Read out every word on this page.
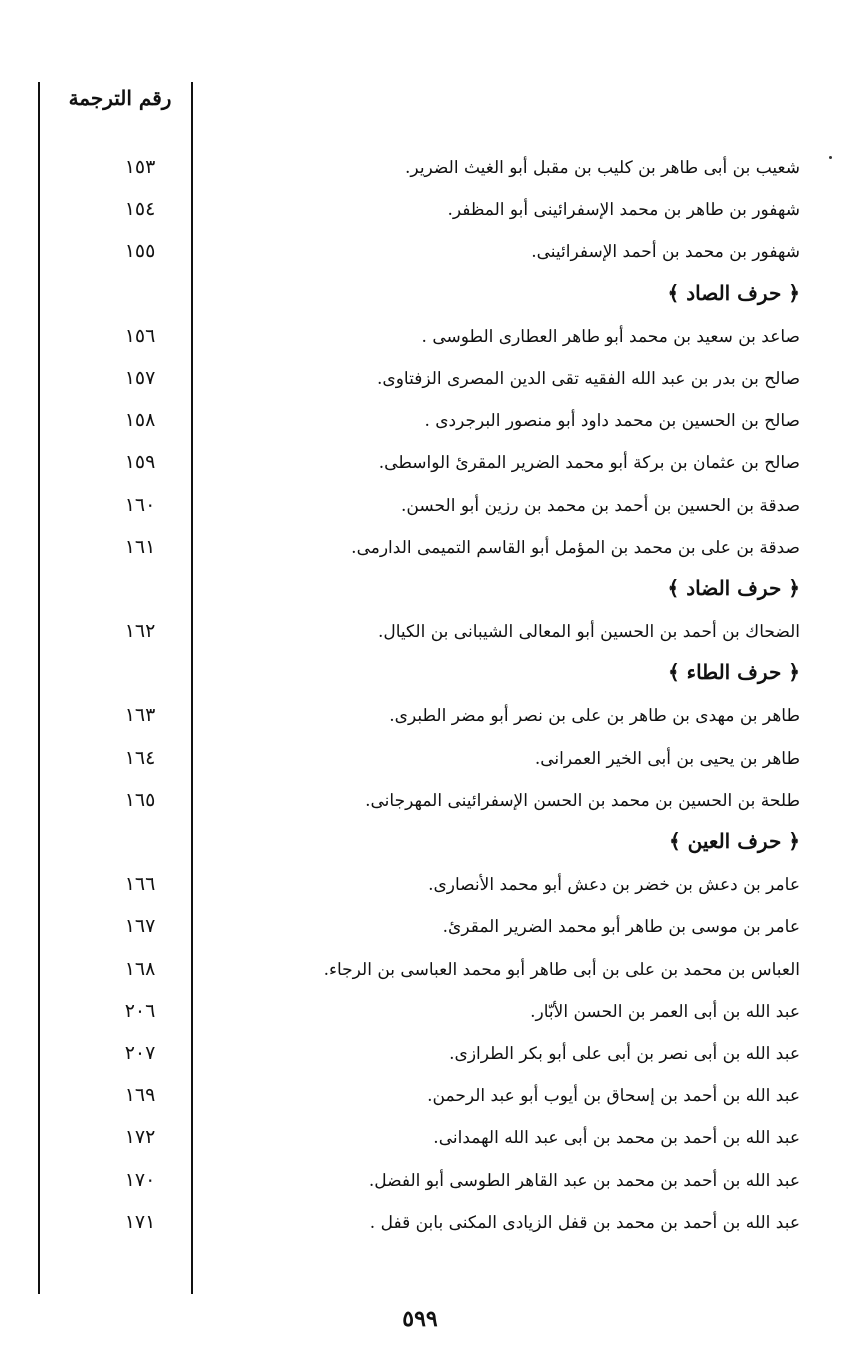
رقم الترجمة
١٥٣	شعيب بن أبى طاهر بن كليب بن مقبل أبو الغيث الضرير.
١٥٤	شهفور بن طاهر بن محمد الإسفرائينى أبو المظفر.
١٥٥	شهفور بن محمد بن أحمد الإسفرائينى.
﴿ حرف الصاد ﴾
١٥٦	صاعد بن سعيد بن محمد أبو طاهر العطارى الطوسى .
١٥٧	صالح بن بدر بن عبد الله الفقيه تقى الدين المصرى الزفتاوى.
١٥٨	صالح بن الحسين بن محمد داود أبو منصور البرجردى .
١٥٩	صالح بن عثمان بن بركة أبو محمد الضرير المقرئ الواسطى.
١٦٠	صدقة بن الحسين بن أحمد بن محمد بن رزين أبو الحسن.
١٦١	صدقة بن على بن محمد بن المؤمل أبو القاسم التميمى الدارمى.
﴿ حرف الضاد ﴾
١٦٢	الضحاك بن أحمد بن الحسين أبو المعالى الشيبانى بن الكيال.
﴿ حرف الطاء ﴾
١٦٣	طاهر بن مهدى بن طاهر بن على بن نصر أبو مضر الطبرى.
١٦٤	طاهر بن يحيى بن أبى الخير العمرانى.
١٦٥	طلحة بن الحسين بن محمد بن الحسن الإسفرائينى المهرجانى.
﴿ حرف العين ﴾
١٦٦	عامر بن دعش بن خضر بن دعش أبو محمد الأنصارى.
١٦٧	عامر بن موسى بن طاهر أبو محمد الضرير المقرئ.
١٦٨	العباس بن محمد بن على بن أبى طاهر أبو محمد العباسى بن الرجاء.
٢٠٦	عبد الله بن أبى العمر بن الحسن الأبّار.
٢٠٧	عبد الله بن أبى نصر بن أبى على أبو بكر الطرازى.
١٦٩	عبد الله بن أحمد بن إسحاق بن أيوب أبو عبد الرحمن.
١٧٢	عبد الله بن أحمد بن محمد بن أبى عبد الله الهمدانى.
١٧٠	عبد الله بن أحمد بن محمد بن عبد القاهر الطوسى أبو الفضل.
١٧١	عبد الله بن أحمد بن محمد بن قفل الزيادى المكنى بابن قفل .
٥٩٩
